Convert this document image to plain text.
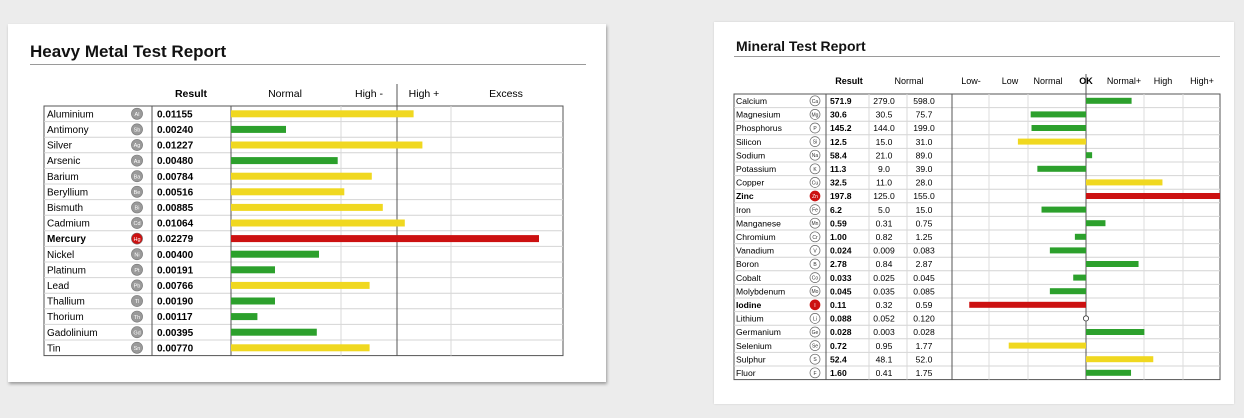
Heavy Metal Test Report
Result	Normal	High - High +	Excess
Aluminium	Al 0.01155
Antimony	Sb 0.00240
Silver	Ag 0.01227
Arsenic	As 0.00480
Barium	Ba 0.00784
Beryllium	Be 0.00516
Bismuth	Bi 0.00885
Cadmium	Cd 0.01064
Mercury	Hg 0.02279
Nickel	Ni 0.00400
Platinum	Pt 0.00191
Lead	Pb 0.00766
Thallium	Tl 0.00190
Thorium	Th 0.00117
Gadolinium	Gd 0.00395
Tin	Sn 0.00770
Mineral Test Report
Result	Normal	Low- Low Normal OK Normal+ High High+
Calcium	Ca 571.9	279.0 598.0
Magnesium	Mg 30.6	30.5	75.7
Phosphorus	P 145.2	144.0 199.0
Silicon	Si 12.5	15.0	31.0
Sodium	Na 58.4	21.0	89.0
Potassium	K 11.3	9.0	39.0
Copper	Cu 32.5	11.0	28.0
Zinc	Zn 197.8	125.0 155.0
Iron	Fe 6.2	5.0	15.0
Manganese	Mn 0.59	0.31	0.75
Chromium	Cr 1.00	0.82	1.25
Vanadium	V 0.024	0.009 0.083
Boron	B 2.78	0.84	2.87
Cobalt	Co 0.033	0.025 0.045
Molybdenum	Mo 0.045	0.035 0.085
Iodine	I 0.11	0.32	0.59
Lithium	Li 0.088	0.052 0.120
Germanium	Ge 0.028	0.003 0.028
Selenium	Se 0.72	0.95	1.77
Sulphur	S 52.4	48.1	52.0
Fluor	F 1.60	0.41	1.75
